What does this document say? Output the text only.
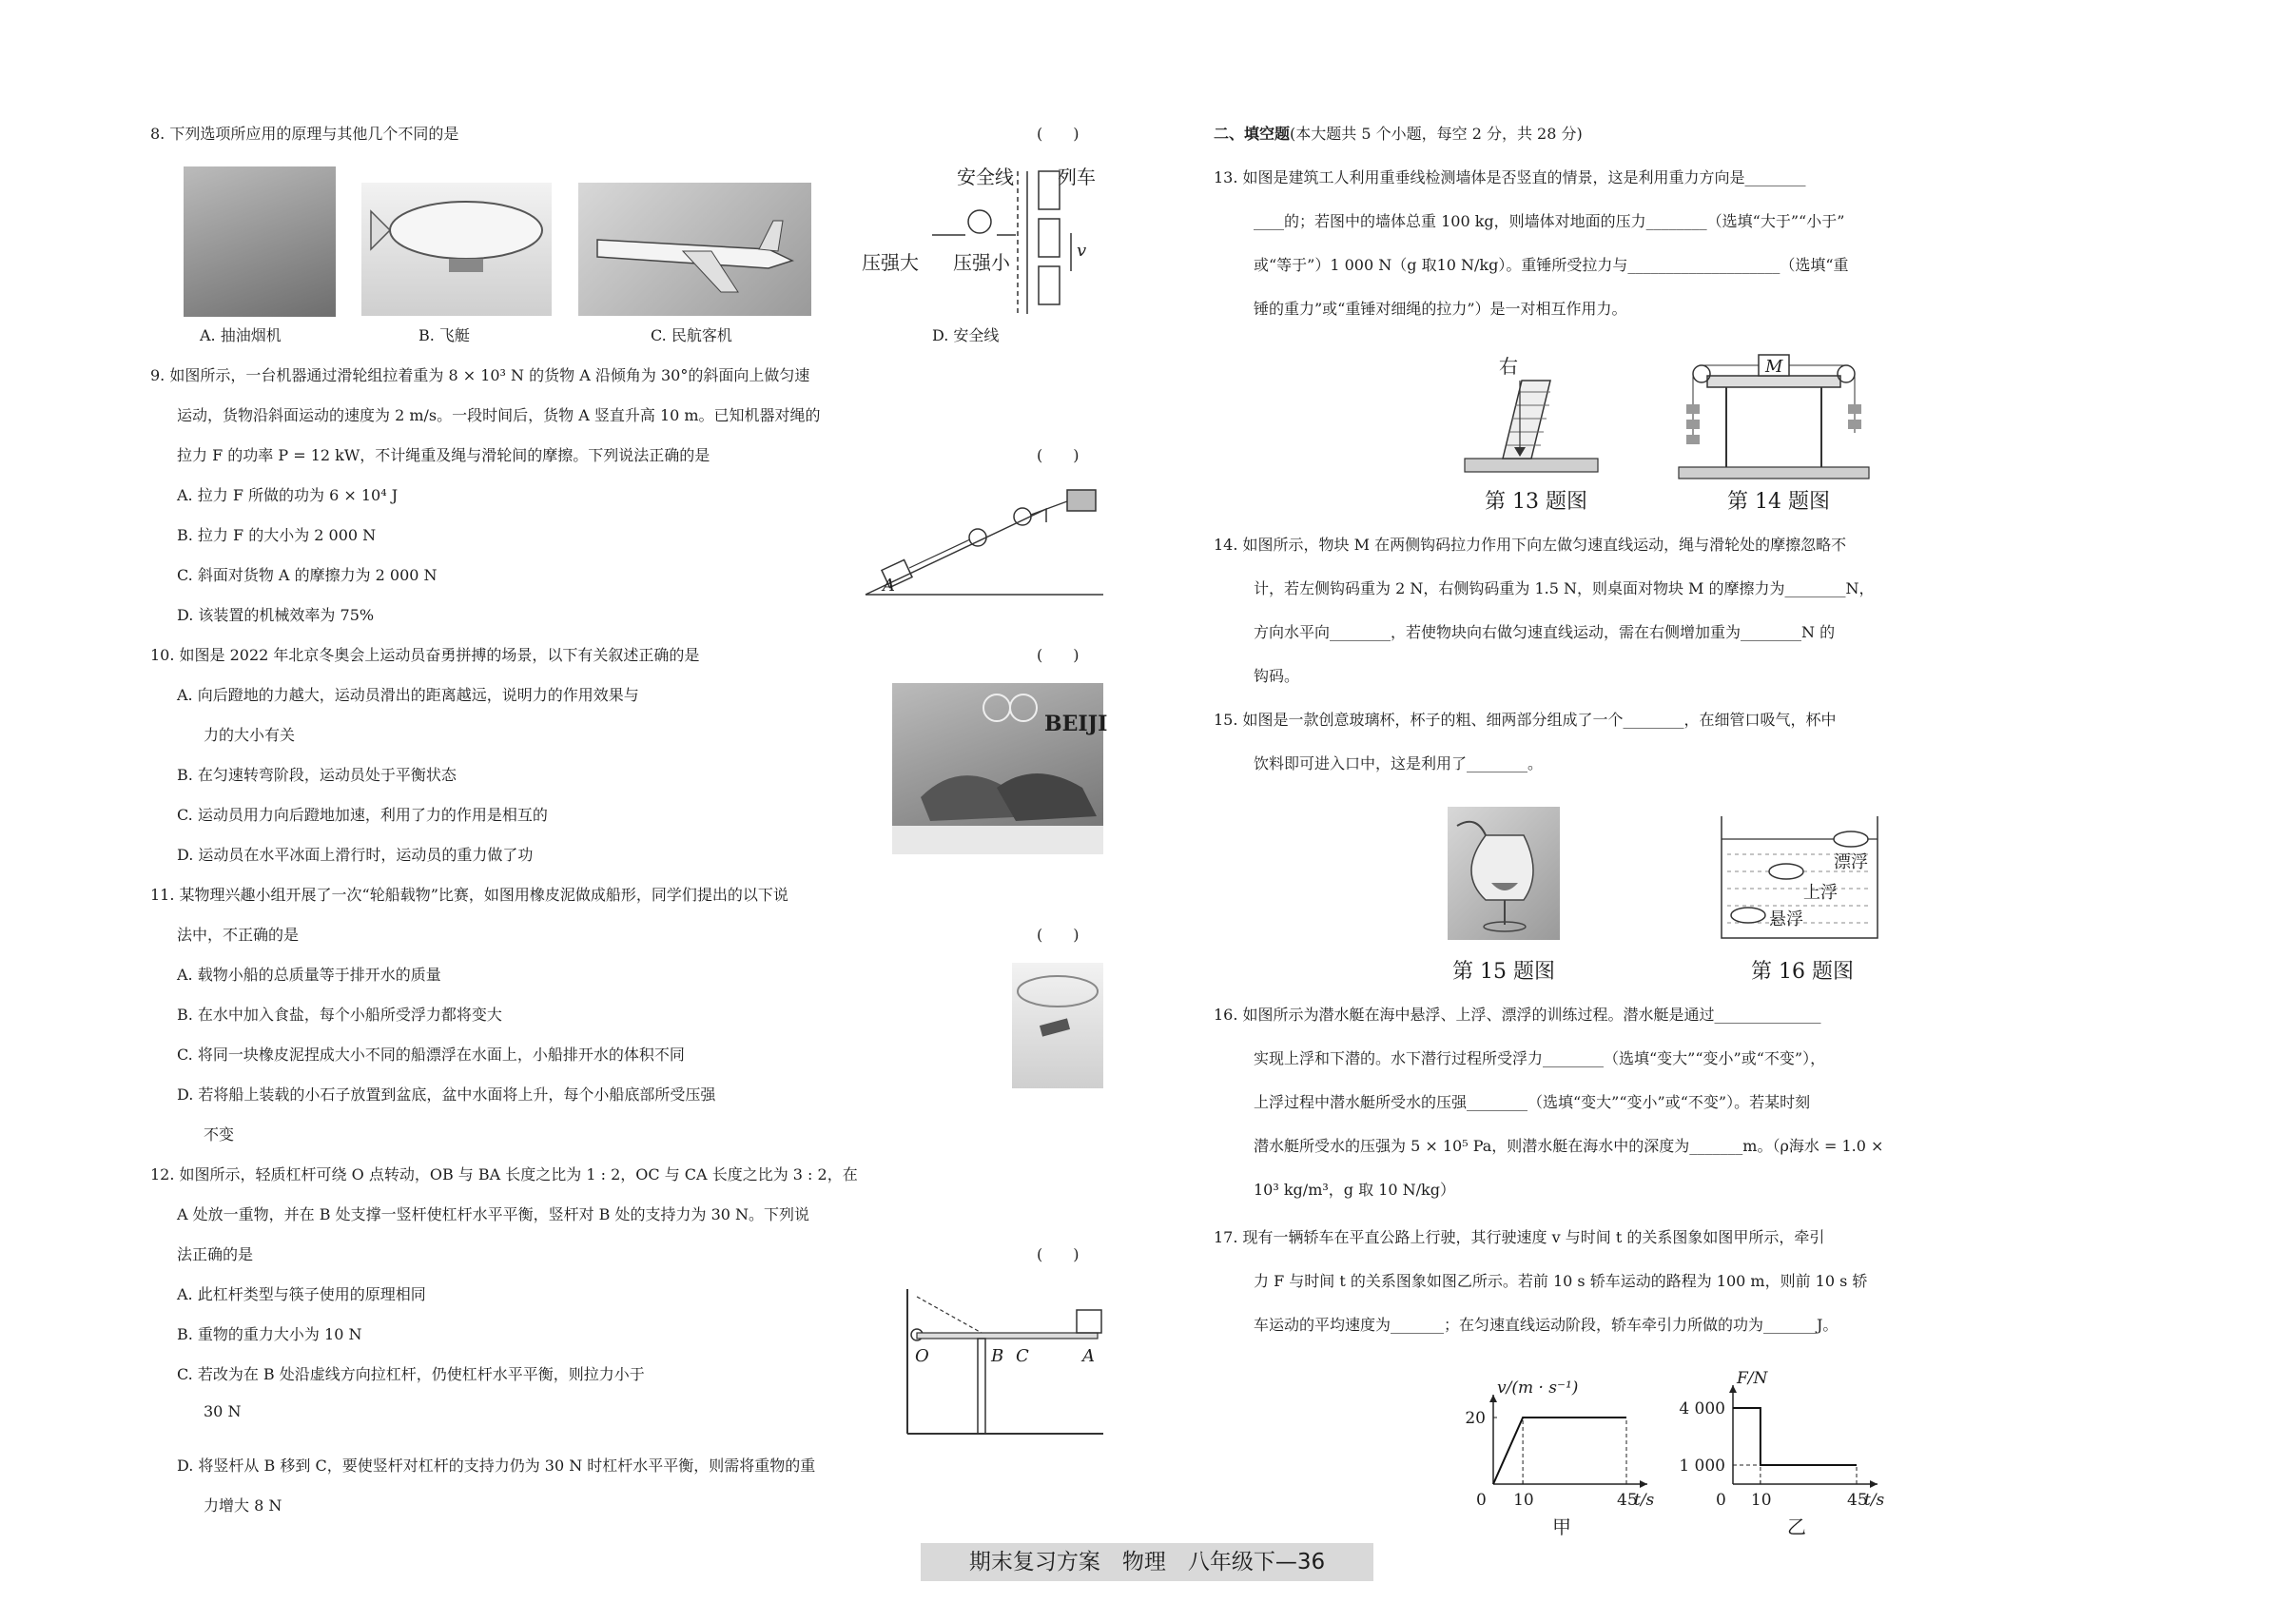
8. 下列选项所应用的原理与其他几个不同的是	(　　)
安全线 列车
v
压强大 压强小
A. 抽油烟机	B. 飞艇	C. 民航客机	D. 安全线
9. 如图所示，一台机器通过滑轮组拉着重为 8 × 10³ N 的货物 A 沿倾角为 30°的斜面向上做匀速
运动，货物沿斜面运动的速度为 2 m/s。一段时间后，货物 A 竖直升高 10 m。已知机器对绳的
拉力 F 的功率 P = 12 kW，不计绳重及绳与滑轮间的摩擦。下列说法正确的是	(　　)
A. 拉力 F 所做的功为 6 × 10⁴ J
B. 拉力 F 的大小为 2 000 N
C. 斜面对货物 A 的摩擦力为 2 000 N
D. 该装置的机械效率为 75%
A
10. 如图是 2022 年北京冬奥会上运动员奋勇拼搏的场景，以下有关叙述正确的是	(　　)
A. 向后蹬地的力越大，运动员滑出的距离越远，说明力的作用效果与
力的大小有关
B. 在匀速转弯阶段，运动员处于平衡状态
C. 运动员用力向后蹬地加速，利用了力的作用是相互的
D. 运动员在水平冰面上滑行时，运动员的重力做了功
BEIJI
11. 某物理兴趣小组开展了一次“轮船载物”比赛，如图用橡皮泥做成船形，同学们提出的以下说
法中，不正确的是	(　　)
A. 载物小船的总质量等于排开水的质量
B. 在水中加入食盐，每个小船所受浮力都将变大
C. 将同一块橡皮泥捏成大小不同的船漂浮在水面上，小船排开水的体积不同
D. 若将船上装载的小石子放置到盆底，盆中水面将上升，每个小船底部所受压强
不变
12. 如图所示，轻质杠杆可绕 O 点转动，OB 与 BA 长度之比为 1 : 2，OC 与 CA 长度之比为 3 : 2，在
A 处放一重物，并在 B 处支撑一竖杆使杠杆水平平衡，竖杆对 B 处的支持力为 30 N。下列说
法正确的是	(　　)
A. 此杠杆类型与筷子使用的原理相同
B. 重物的重力大小为 10 N
C. 若改为在 B 处沿虚线方向拉杠杆，仍使杠杆水平平衡，则拉力小于
30 N
D. 将竖杆从 B 移到 C，要使竖杆对杠杆的支持力仍为 30 N 时杠杆水平平衡，则需将重物的重
力增大 8 N
O	B C	A
二、填空题(本大题共 5 个小题，每空 2 分，共 28 分)
13. 如图是建筑工人利用重垂线检测墙体是否竖直的情景，这是利用重力方向是________
____的；若图中的墙体总重 100 kg，则墙体对地面的压力________（选填“大于”“小于”
或“等于”）1 000 N（g 取10 N/kg）。重锤所受拉力与____________________（选填“重
锤的重力”或“重锤对细绳的拉力”）是一对相互作用力。
右
第 13 题图
M
第 14 题图
14. 如图所示，物块 M 在两侧钩码拉力作用下向左做匀速直线运动，绳与滑轮处的摩擦忽略不
计，若左侧钩码重为 2 N，右侧钩码重为 1.5 N，则桌面对物块 M 的摩擦力为________N，
方向水平向________，若使物块向右做匀速直线运动，需在右侧增加重为________N 的
钩码。
15. 如图是一款创意玻璃杯，杯子的粗、细两部分组成了一个________，在细管口吸气，杯中
饮料即可进入口中，这是利用了________。
第 15 题图
漂浮
上浮
悬浮
第 16 题图
16. 如图所示为潜水艇在海中悬浮、上浮、漂浮的训练过程。潜水艇是通过______________
实现上浮和下潜的。水下潜行过程所受浮力________（选填“变大”“变小”或“不变”），
上浮过程中潜水艇所受水的压强________（选填“变大”“变小”或“不变”）。若某时刻
潜水艇所受水的压强为 5 × 10⁵ Pa，则潜水艇在海水中的深度为_______m。（ρ海水 = 1.0 ×
10³ kg/m³，g 取 10 N/kg）
17. 现有一辆轿车在平直公路上行驶，其行驶速度 v 与时间 t 的关系图象如图甲所示，牵引
力 F 与时间 t 的关系图象如图乙所示。若前 10 s 轿车运动的路程为 100 m，则前 10 s 轿
车运动的平均速度为_______；在匀速直线运动阶段，轿车牵引力所做的功为_______J。
v/(m · s⁻¹)
t/s
0 10	45
20
甲
F/N
t/s
0 10	45
4 000
1 000
乙
期末复习方案　物理　八年级下—36
